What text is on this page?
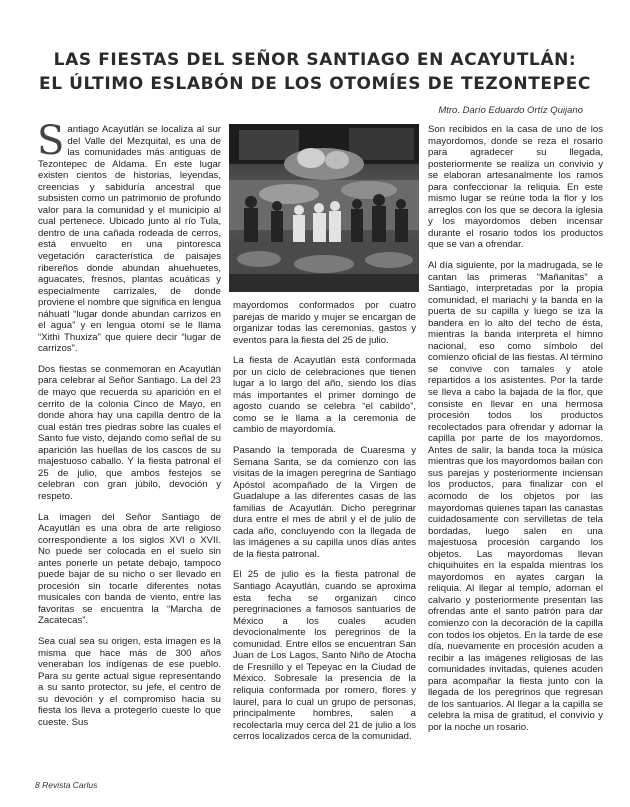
LAS FIESTAS DEL SEÑOR SANTIAGO EN ACAYUTLÁN:
EL ÚLTIMO ESLABÓN DE LOS OTOMÍES DE TEZONTEPEC
Mtro. Darío Eduardo Ortíz Quijano

Santiago Acayutlán se localiza al sur del Valle del Mezquital, es una de las comunidades más antiguas de Tezontepec de Aldama. En este lugar existen cientos de historias, leyendas, creencias y sabiduría ancestral que subsisten como un patrimonio de profundo valor para la comunidad y el municipio al cual pertenece. Ubicado junto al río Tula, dentro de una cañada rodeada de cerros, está envuelto en una pintoresca vegetación característica de paisajes ribereños donde abundan ahuehuetes, aguacates, fresnos, plantas acuáticas y especialmente carrizales, de donde proviene el nombre que significa en lengua náhuatl “lugar donde abundan carrizos en el agua” y en lengua otomí se le llama “Xithi Thuxiza” que quiere decir “lugar de carrizos”.

Dos fiestas se conmemoran en Acayutlán para celebrar al Señor Santiago. La del 23 de mayo que recuerda su aparición en el cerrito de la colonia Cinco de Mayo, en donde ahora hay una capilla dentro de la cual están tres piedras sobre las cuales el Santo fue visto, dejando como señal de su aparición las huellas de los cascos de su majestuoso caballo. Y la fiesta patronal el 25 de julio, que ambos festejos se celebran con gran júbilo, devoción y respeto.

La imagen del Señor Santiago de Acayutlán es una obra de arte religioso correspondiente a los siglos XVI o XVII. No puede ser colocada en el suelo sin antes ponerle un petate debajo, tampoco puede bajar de su nicho o ser llevado en procesión sin tocarle diferentes notas musicales con banda de viento, entre las favoritas se encuentra la “Marcha de Zacatecas”.

Sea cual sea su origen, esta imagen es la misma que hace más de 300 años veneraban los indígenas de ese pueblo. Para su gente actual sigue representando a su santo protector, su jefe, el centro de su devoción y el compromiso hacia su fiesta los lleva a protegerlo cueste lo que cueste. Sus

mayordomos conformados por cuatro parejas de marido y mujer se encargan de organizar todas las ceremonias, gastos y eventos para la fiesta del 25 de julio.

La fiesta de Acayutlán está conformada por un ciclo de celebraciones que tienen lugar a lo largo del año, siendo los días más importantes el primer domingo de agosto cuando se celebra “el cabildo”, como se le llama a la ceremonia de cambio de mayordomía.

Pasando la temporada de Cuaresma y Semana Santa, se da comienzo con las visitas de la imagen peregrina de Santiago Apóstol acompañado de la Virgen de Guadalupe a las diferentes casas de las familias de Acayutlán. Dicho peregrinar dura entre el mes de abril y el de julio de cada año, concluyendo con la llegada de las imágenes a su capilla unos días antes de la fiesta patronal.

El 25 de julio es la fiesta patronal de Santiago Acayutlán, cuando se aproxima esta fecha se organizan cinco peregrinaciones a famosos santuarios de México a los cuales acuden devocionalmente los peregrinos de la comunidad. Entre ellos se encuentran San Juan de Los Lagos, Santo Niño de Atocha de Fresnillo y el Tepeyac en la Ciudad de México. Sobresale la presencia de la reliquia conformada por romero, flores y laurel, para lo cual un grupo de personas, principalmente hombres, salen a recolectarla muy cerca del 21 de julio a los cerros localizados cerca de la comunidad.

Son recibidos en la casa de uno de los mayordomos, donde se reza el rosario para agradecer su llegada, posteriormente se realiza un convivio y se elaboran artesanalmente los ramos para confeccionar la reliquia. En este mismo lugar se reúne toda la flor y los arreglos con los que se decora la iglesia y los mayordomos deben incensar durante el rosario todos los productos que se van a ofrendar.

Al día siguiente, por la madrugada, se le cantan las primeras “Mañanitas” a Santiago, interpretadas por la propia comunidad, el mariachi y la banda en la puerta de su capilla y luego se iza la bandera en lo alto del techo de ésta, mientras la banda interpreta el himno nacional, eso como símbolo del comienzo oficial de las fiestas. Al término se convive con tamales y atole repartidos a los asistentes. Por la tarde se lleva a cabo la bajada de la flor, que consiste en llevar en una hermosa procesión todos los productos recolectados para ofrendar y adornar la capilla por parte de los mayordomos. Antes de salir, la banda toca la música mientras que los mayordomos bailan con sus parejas y posteriormente inciensan los productos, para finalizar con el acomodo de los objetos por las mayordomas quienes tapan las canastas cuidadosamente con servilletas de tela bordadas, luego salen en una majestuosa procesión cargando los objetos. Las mayordomas llevan chiquihuites en la espalda mientras los mayordomos en ayates cargan la reliquia. Al llegar al templo, adornan el calvario y posteriormente presentan las ofrendas ante el santo patrón para dar comienzo con la decoración de la capilla con todos los objetos. En la tarde de ese día, nuevamente en procesión acuden a recibir a las imágenes religiosas de las comunidades invitadas, quienes acuden para acompañar la fiesta junto con la llegada de los peregrinos que regresan de los santuarios. Al llegar a la capilla se celebra la misa de gratitud, el convivio y por la noche un rosario.

8 Revista Carlus
